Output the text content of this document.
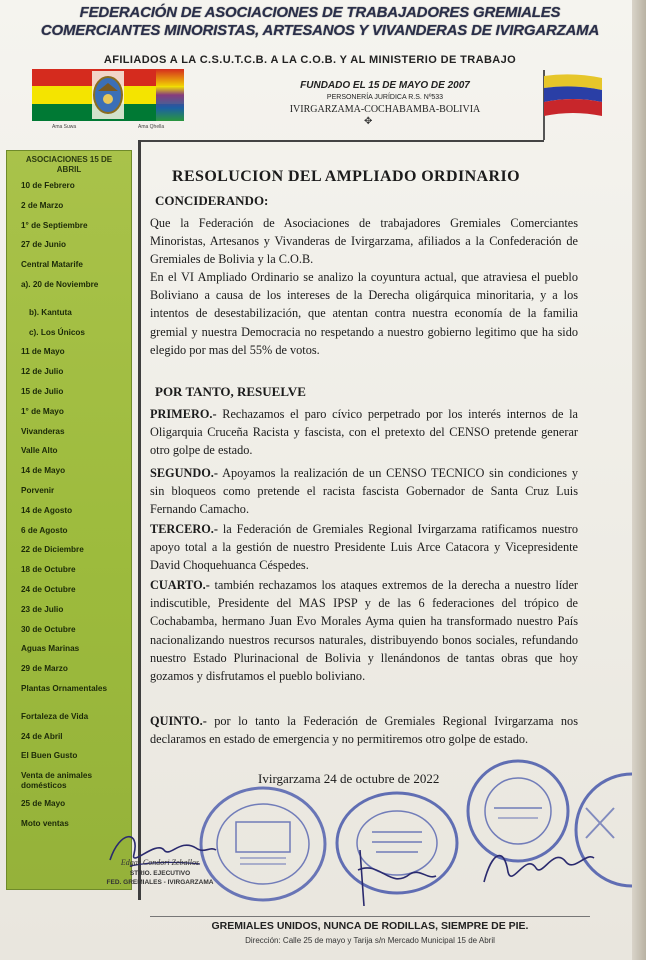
FEDERACIÓN DE ASOCIACIONES DE TRABAJADORES GREMIALES COMERCIANTES MINORISTAS, ARTESANOS Y VIVANDERAS DE IVIRGARZAMA
AFILIADOS A LA C.S.U.T.C.B. A LA C.O.B. Y AL MINISTERIO DE TRABAJO
FUNDADO EL 15 DE MAYO DE 2007
PERSONERÍA JURÍDICA R.S. Nº533
IVIRGARZAMA-COCHABAMBA-BOLIVIA
✥
Ama Suwa	Ama Qhella
ASOCIACIONES 15 DE ABRIL
10 de Febrero
2 de Marzo
1° de Septiembre
27 de Junio
Central Matarife
a). 20 de Noviembre
b). Kantuta
c). Los Únicos
11 de Mayo
12 de Julio
15 de Julio
1° de Mayo
Vivanderas
Valle Alto
14 de Mayo
Porvenir
14 de Agosto
6 de Agosto
22 de Diciembre
18 de Octubre
24 de Octubre
23 de Julio
30 de Octubre
Aguas Marinas
29 de Marzo
Plantas Ornamentales
Fortaleza de Vida
24 de Abril
El Buen Gusto
Venta de animales domésticos
25 de Mayo
Moto ventas
RESOLUCION DEL AMPLIADO ORDINARIO
CONCIDERANDO:
Que la Federación de Asociaciones de trabajadores Gremiales Comerciantes Minoristas, Artesanos y Vivanderas de Ivirgarzama, afiliados a la Confederación de Gremiales de Bolivia y la C.O.B.
En el VI Ampliado Ordinario se analizo la coyuntura actual, que atraviesa el pueblo Boliviano a causa de los intereses de la Derecha oligárquica minoritaria, y a los intentos de desestabilización, que atentan contra nuestra economía de la familia gremial y nuestra Democracia no respetando a nuestro gobierno legitimo que ha sido elegido por mas del 55% de votos.
POR TANTO, RESUELVE
PRIMERO.- Rechazamos el paro cívico perpetrado por los interés internos de la Oligarquia Cruceña Racista y fascista, con el pretexto del CENSO pretende generar otro golpe de estado.
SEGUNDO.- Apoyamos la realización de un CENSO TECNICO sin condiciones y sin bloqueos como pretende el racista fascista Gobernador de Santa Cruz Luis Fernando Camacho.
TERCERO.- la Federación de Gremiales Regional Ivirgarzama ratificamos nuestro apoyo total a la gestión de nuestro Presidente Luis Arce Catacora y Vicepresidente David Choquehuanca Céspedes.
CUARTO.- también rechazamos los ataques extremos de la derecha a nuestro líder indiscutible, Presidente del MAS IPSP y de las 6 federaciones del trópico de Cochabamba, hermano Juan Evo Morales Ayma quien ha transformado nuestro País nacionalizando nuestros recursos naturales, distribuyendo bonos sociales, refundando nuestro Estado Plurinacional de Bolivia y llenándonos de tantas obras que hoy gozamos y disfrutamos el pueblo boliviano.
QUINTO.- por lo tanto la Federación de Gremiales Regional Ivirgarzama nos declaramos en estado de emergencia y no permitiremos otro golpe de estado.
Ivirgarzama 24 de octubre de 2022
Edgar Condori Zeballos
STRIO. EJECUTIVO
FED. GREMIALES - IVIRGARZAMA
GREMIALES UNIDOS, NUNCA DE RODILLAS, SIEMPRE DE PIE.
Dirección: Calle 25 de mayo y Tarija s/n Mercado Municipal 15 de Abril
